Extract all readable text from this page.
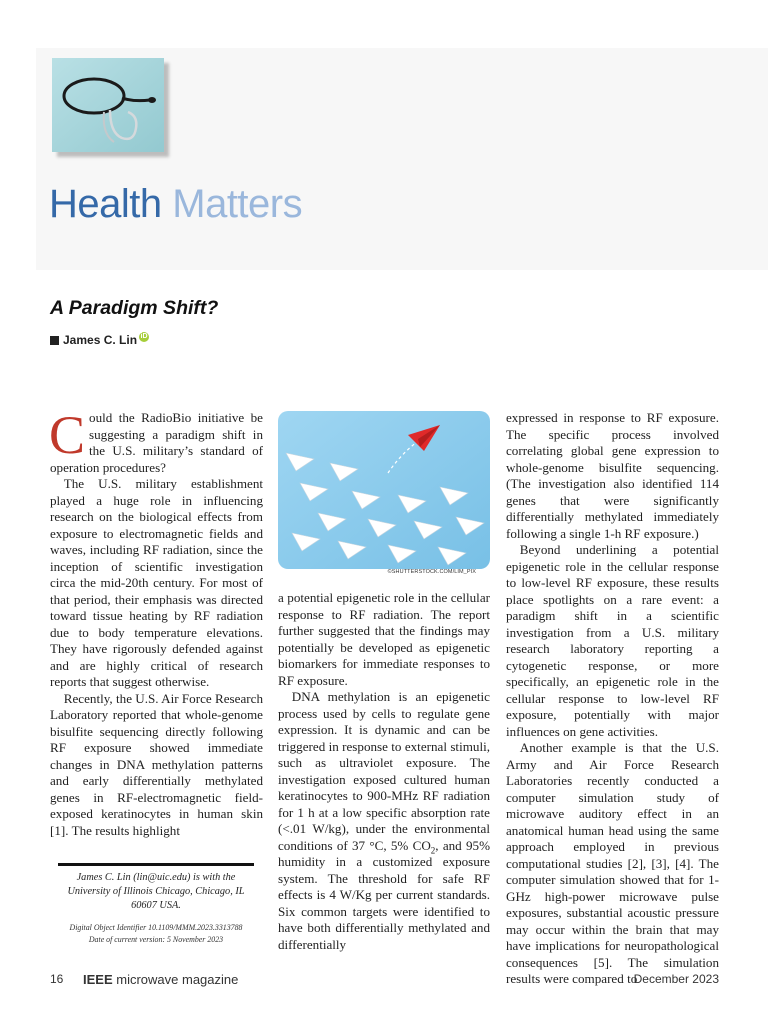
Health Matters
A Paradigm Shift?
James C. Lin iD

Could the RadioBio initiative be suggesting a paradigm shift in the U.S. military’s standard of operation procedures?

The U.S. military establishment played a huge role in influencing research on the biological effects from exposure to electromagnetic fields and waves, including RF radiation, since the inception of scientific investigation circa the mid-20th century. For most of that period, their emphasis was directed toward tissue heating by RF radiation due to body temperature elevations. They have rigorously defended against and are highly critical of research reports that suggest otherwise.

Recently, the U.S. Air Force Research Laboratory reported that whole-genome bisulfite sequencing directly following RF exposure showed immediate changes in DNA methylation patterns and early differentially methylated genes in RF-electromagnetic field-exposed keratinocytes in human skin [1]. The results highlight

©SHUTTERSTOCK.COM/LIM_PIX

a potential epigenetic role in the cellular response to RF radiation. The report further suggested that the findings may potentially be developed as epigenetic biomarkers for immediate responses to RF exposure.

DNA methylation is an epigenetic process used by cells to regulate gene expression. It is dynamic and can be triggered in response to external stimuli, such as ultraviolet exposure. The investigation exposed cultured human keratinocytes to 900-MHz RF radiation for 1 h at a low specific absorption rate (<.01 W/kg), under the environmental conditions of 37 °C, 5% $CO_2$, and 95% humidity in a customized exposure system. The threshold for safe RF effects is 4 W/Kg per current standards. Six common targets were identified to have both differentially methylated and differentially

expressed in response to RF exposure. The specific process involved correlating global gene expression to whole-genome bisulfite sequencing. (The investigation also identified 114 genes that were significantly differentially methylated immediately following a single 1-h RF exposure.)

Beyond underlining a potential epigenetic role in the cellular response to low-level RF exposure, these results place spotlights on a rare event: a paradigm shift in a scientific investigation from a U.S. military research laboratory reporting a cytogenetic response, or more specifically, an epigenetic role in the cellular response to low-level RF exposure, potentially with major influences on gene activities.

Another example is that the U.S. Army and Air Force Research Laboratories recently conducted a computer simulation study of microwave auditory effect in an anatomical human head using the same approach employed in previous computational studies [2], [3], [4]. The computer simulation showed that for 1-GHz high-power microwave pulse exposures, substantial acoustic pressure may occur within the brain that may have implications for neuropathological consequences [5]. The simulation results were compared to

James C. Lin (lin@uic.edu) is with the University of Illinois Chicago, Chicago, IL 60607 USA.
Digital Object Identifier 10.1109/MMM.2023.3313788
Date of current version: 5 November 2023
16 IEEE microwave magazine	December 2023
